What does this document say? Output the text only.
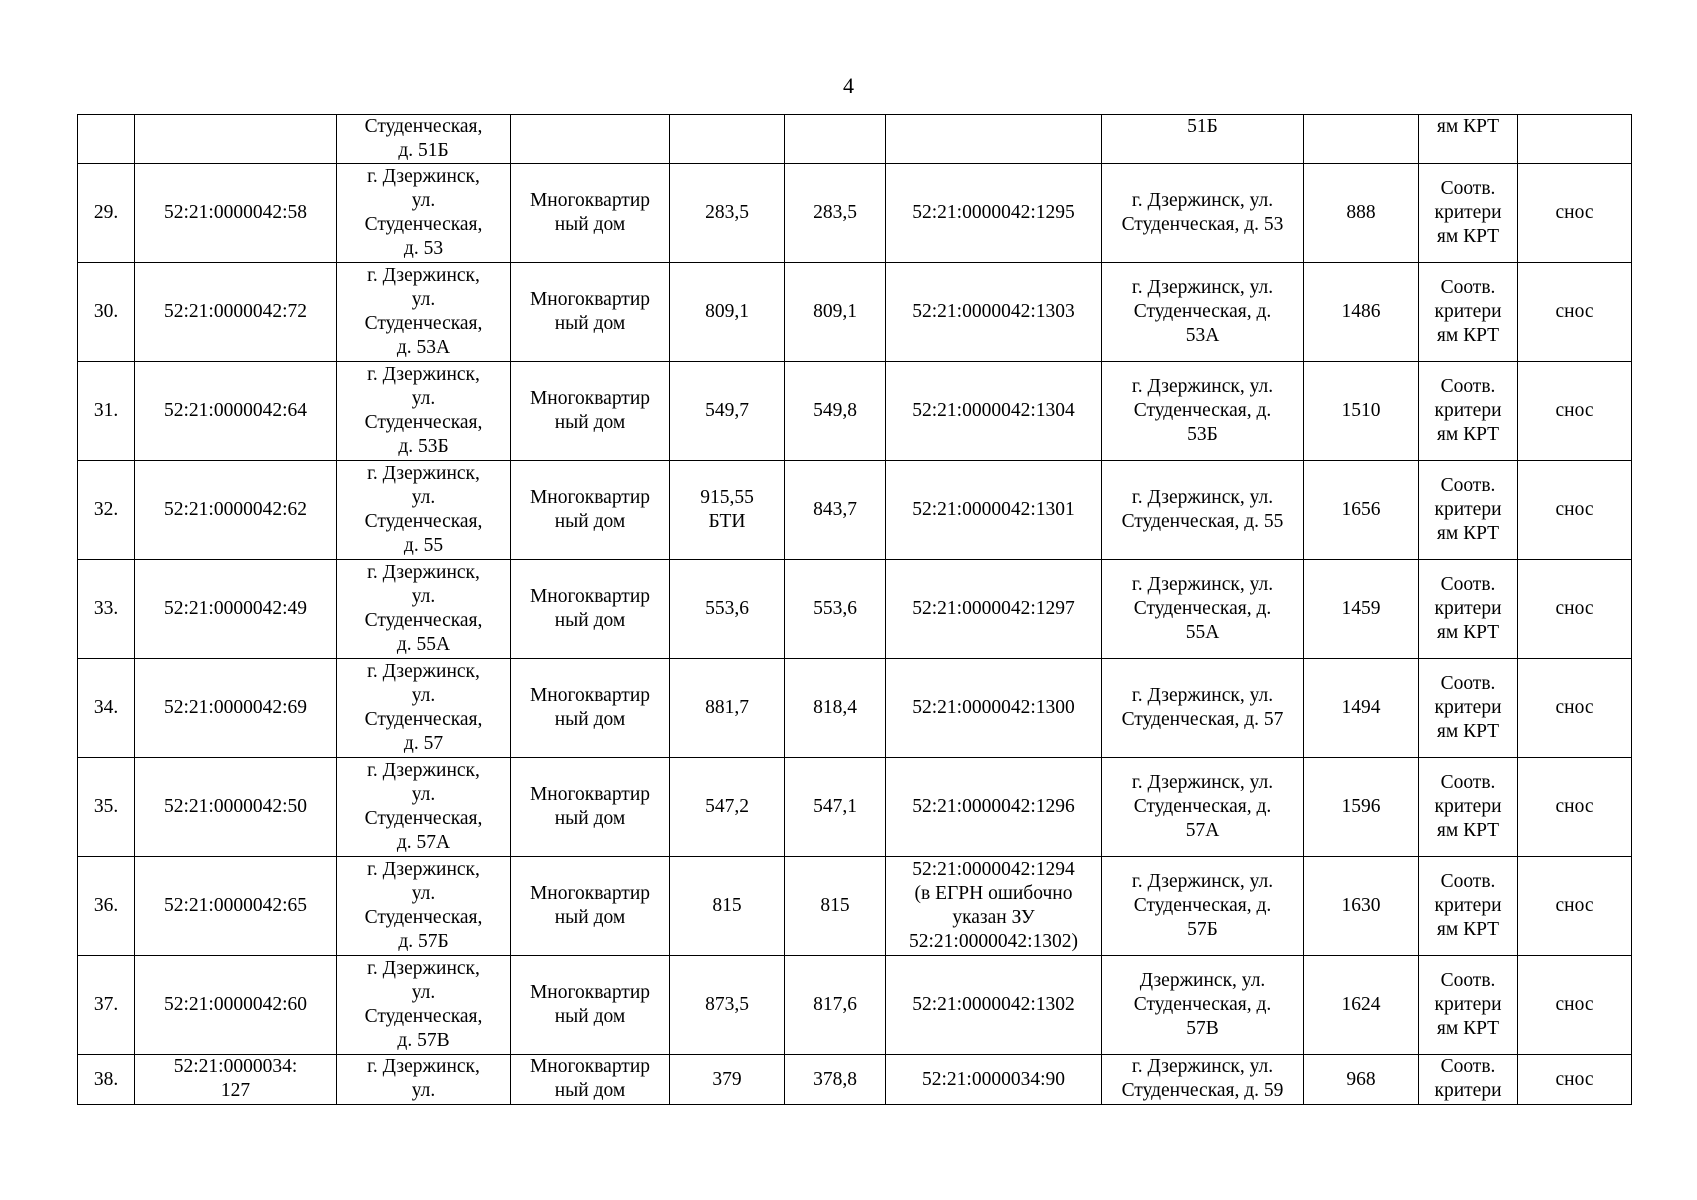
4

		Студенческая,
д. 51Б					51Б		ям КРТ	

29.	52:21:0000042:58	г. Дзержинск,
ул.
Студенческая,
д. 53	Многоквартир
ный дом	283,5	283,5	52:21:0000042:1295	г. Дзержинск, ул.
Студенческая, д. 53	888	Соотв.
критери
ям КРТ	снос
30.	52:21:0000042:72	г. Дзержинск,
ул.
Студенческая,
д. 53А	Многоквартир
ный дом	809,1	809,1	52:21:0000042:1303	г. Дзержинск, ул.
Студенческая, д.
53А	1486	Соотв.
критери
ям КРТ	снос
31.	52:21:0000042:64	г. Дзержинск,
ул.
Студенческая,
д. 53Б	Многоквартир
ный дом	549,7	549,8	52:21:0000042:1304	г. Дзержинск, ул.
Студенческая, д.
53Б	1510	Соотв.
критери
ям КРТ	снос
32.	52:21:0000042:62	г. Дзержинск,
ул.
Студенческая,
д. 55	Многоквартир
ный дом	915,55
БТИ	843,7	52:21:0000042:1301	г. Дзержинск, ул.
Студенческая, д. 55	1656	Соотв.
критери
ям КРТ	снос
33.	52:21:0000042:49	г. Дзержинск,
ул.
Студенческая,
д. 55А	Многоквартир
ный дом	553,6	553,6	52:21:0000042:1297	г. Дзержинск, ул.
Студенческая, д.
55А	1459	Соотв.
критери
ям КРТ	снос
34.	52:21:0000042:69	г. Дзержинск,
ул.
Студенческая,
д. 57	Многоквартир
ный дом	881,7	818,4	52:21:0000042:1300	г. Дзержинск, ул.
Студенческая, д. 57	1494	Соотв.
критери
ям КРТ	снос
35.	52:21:0000042:50	г. Дзержинск,
ул.
Студенческая,
д. 57А	Многоквартир
ный дом	547,2	547,1	52:21:0000042:1296	г. Дзержинск, ул.
Студенческая, д.
57А	1596	Соотв.
критери
ям КРТ	снос
36.	52:21:0000042:65	г. Дзержинск,
ул.
Студенческая,
д. 57Б	Многоквартир
ный дом	815	815	52:21:0000042:1294
(в ЕГРН ошибочно
указан ЗУ
52:21:0000042:1302)	г. Дзержинск, ул.
Студенческая, д.
57Б	1630	Соотв.
критери
ям КРТ	снос
37.	52:21:0000042:60	г. Дзержинск,
ул.
Студенческая,
д. 57В	Многоквартир
ный дом	873,5	817,6	52:21:0000042:1302	Дзержинск, ул.
Студенческая, д.
57В	1624	Соотв.
критери
ям КРТ	снос
38.	52:21:0000034:
127	г. Дзержинск,
ул.	Многоквартир
ный дом	379	378,8	52:21:0000034:90	г. Дзержинск, ул.
Студенческая, д. 59	968	Соотв.
критери	снос
